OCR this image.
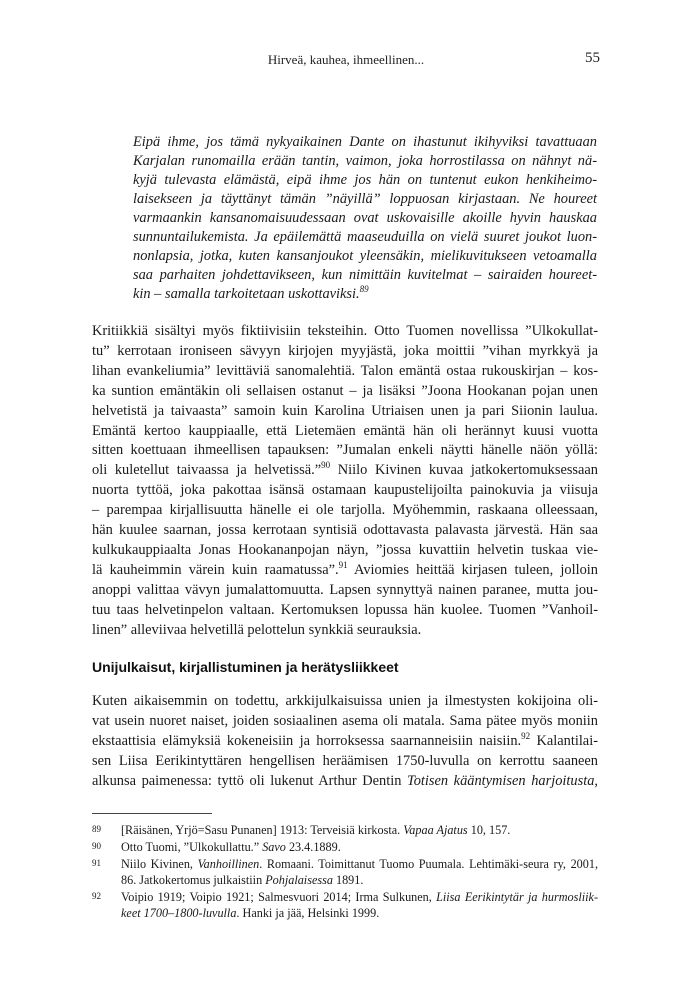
Hirveä, kauhea, ihmeellinen...	55
Eipä ihme, jos tämä nykyaikainen Dante on ihastunut ikihyviksi tavattuaan
Karjalan runomailla erään tantin, vaimon, joka horrostilassa on nähnyt nä-
kyjä tulevasta elämästä, eipä ihme jos hän on tuntenut eukon henkiheimo-
laisekseen ja täyttänyt tämän ”näyillä” loppuosan kirjastaan. Ne houreet
varmaankin kansanomaisuudessaan ovat uskovaisille akoille hyvin hauskaa
sunnuntailukemista. Ja epäilemättä maaseuduilla on vielä suuret joukot luon-
nonlapsia, jotka, kuten kansanjoukot yleensäkin, mielikuvitukseen vetoamalla
saa parhaiten johdettavikseen, kun nimittäin kuvitelmat – sairaiden houreet-
kin – samalla tarkoitetaan uskottaviksi.$^{89}$
Kritiikkiä sisältyi myös fiktiivisiin teksteihin. Otto Tuomen novellissa ”Ulkokullat-
tu” kerrotaan ironiseen sävyyn kirjojen myyjästä, joka moittii ”vihan myrkkyä ja
lihan evankeliumia” levittäviä sanomalehtiä. Talon emäntä ostaa rukouskirjan – kos-
ka suntion emäntäkin oli sellaisen ostanut – ja lisäksi ”Joona Hookanan pojan unen
helvetistä ja taivaasta” samoin kuin Karolina Utriaisen unen ja pari Siionin laulua.
Emäntä kertoo kauppiaalle, että Lietemäen emäntä hän oli herännyt kuusi vuotta
sitten koettuaan ihmeellisen tapauksen: ”Jumalan enkeli näytti hänelle näön yöllä:
oli kuletellut taivaassa ja helvetissä.”$^{90}$ Niilo Kivinen kuvaa jatkokertomuksessaan
nuorta tyttöä, joka pakottaa isänsä ostamaan kaupustelijoilta painokuvia ja viisuja
– parempaa kirjallisuutta hänelle ei ole tarjolla. Myöhemmin, raskaana olleessaan,
hän kuulee saarnan, jossa kerrotaan syntisiä odottavasta palavasta järvestä. Hän saa
kulkukauppiaalta Jonas Hookananpojan näyn, ”jossa kuvattiin helvetin tuskaa vie-
lä kauheimmin värein kuin raamatussa”.$^{91}$ Aviomies heittää kirjasen tuleen, jolloin
anoppi valittaa vävyn jumalattomuutta. Lapsen synnyttyä nainen paranee, mutta jou-
tuu taas helvetinpelon valtaan. Kertomuksen lopussa hän kuolee. Tuomen ”Vanhoil-
linen” alleviivaa helvetillä pelottelun synkkiä seurauksia.
Unijulkaisut, kirjallistuminen ja herätysliikkeet
Kuten aikaisemmin on todettu, arkkijulkaisuissa unien ja ilmestysten kokijoina oli-
vat usein nuoret naiset, joiden sosiaalinen asema oli matala. Sama pätee myös moniin
ekstaattisia elämyksiä kokeneisiin ja horroksessa saarnanneisiin naisiin.$^{92}$ Kalantilai-
sen Liisa Eerikintyttären hengellisen heräämisen 1750-luvulla on kerrottu saaneen
alkunsa paimenessa: tyttö oli lukenut Arthur Dentin Totisen kääntymisen harjoitusta,
89	[Räisänen, Yrjö=Sasu Punanen] 1913: Terveisiä kirkosta. Vapaa Ajatus 10, 157.
90	Otto Tuomi, ”Ulkokullattu.” Savo 23.4.1889.
91	Niilo Kivinen, Vanhoillinen. Romaani. Toimittanut Tuomo Puumala. Lehtimäki-seura ry, 2001,
86. Jatkokertomus julkaistiin Pohjalaisessa 1891.
92	Voipio 1919; Voipio 1921; Salmesvuori 2014; Irma Sulkunen, Liisa Eerikintytär ja hurmosliik-
keet 1700–1800-luvulla. Hanki ja jää, Helsinki 1999.
